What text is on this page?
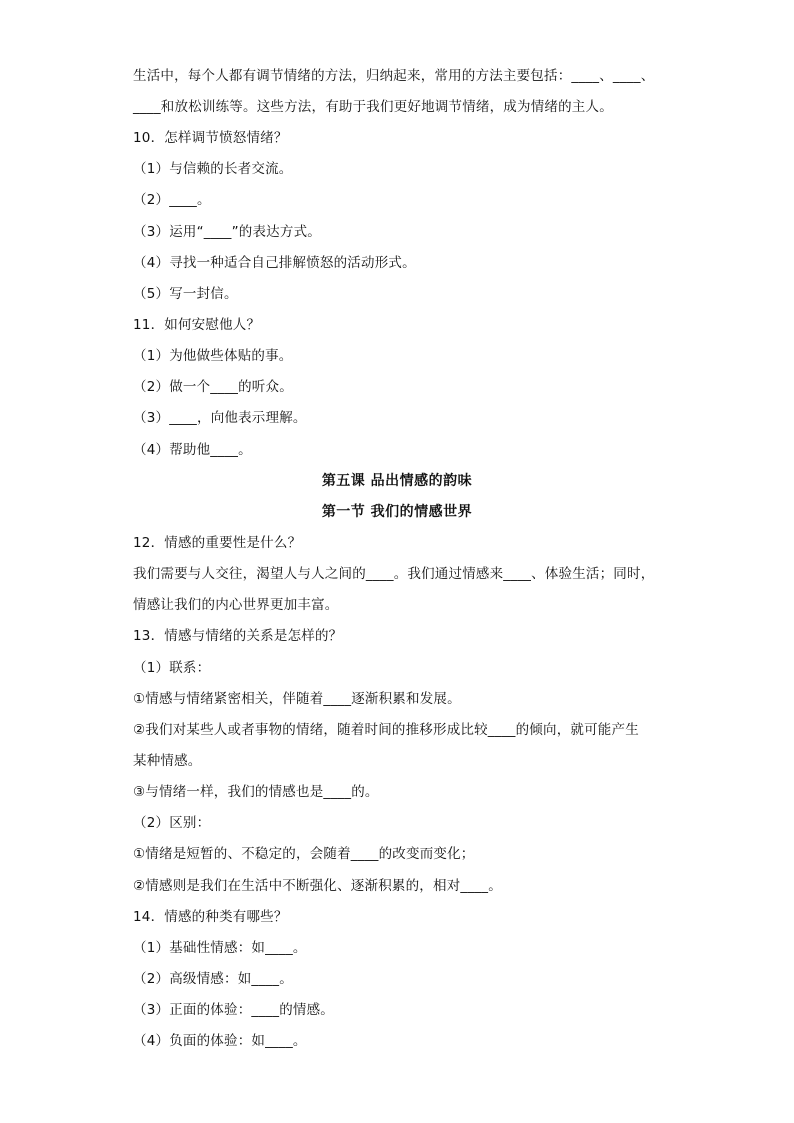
生活中，每个人都有调节情绪的方法，归纳起来，常用的方法主要包括：____、____、
____和放松训练等。这些方法，有助于我们更好地调节情绪，成为情绪的主人。
10．怎样调节愤怒情绪？
（1）与信赖的长者交流。
（2）____。
（3）运用“____”的表达方式。
（4）寻找一种适合自己排解愤怒的活动形式。
（5）写一封信。
11．如何安慰他人？
（1）为他做些体贴的事。
（2）做一个____的听众。
（3）____，向他表示理解。
（4）帮助他____。
第五课 品出情感的韵味
第一节 我们的情感世界
12．情感的重要性是什么？
我们需要与人交往，渴望人与人之间的____。我们通过情感来____、体验生活；同时，
情感让我们的内心世界更加丰富。
13．情感与情绪的关系是怎样的？
（1）联系：
①情感与情绪紧密相关，伴随着____逐渐积累和发展。
②我们对某些人或者事物的情绪，随着时间的推移形成比较____的倾向，就可能产生
某种情感。
③与情绪一样，我们的情感也是____的。
（2）区别：
①情绪是短暂的、不稳定的，会随着____的改变而变化；
②情感则是我们在生活中不断强化、逐渐积累的，相对____。
14．情感的种类有哪些？
（1）基础性情感：如____。
（2）高级情感：如____。
（3）正面的体验：____的情感。
（4）负面的体验：如____。
